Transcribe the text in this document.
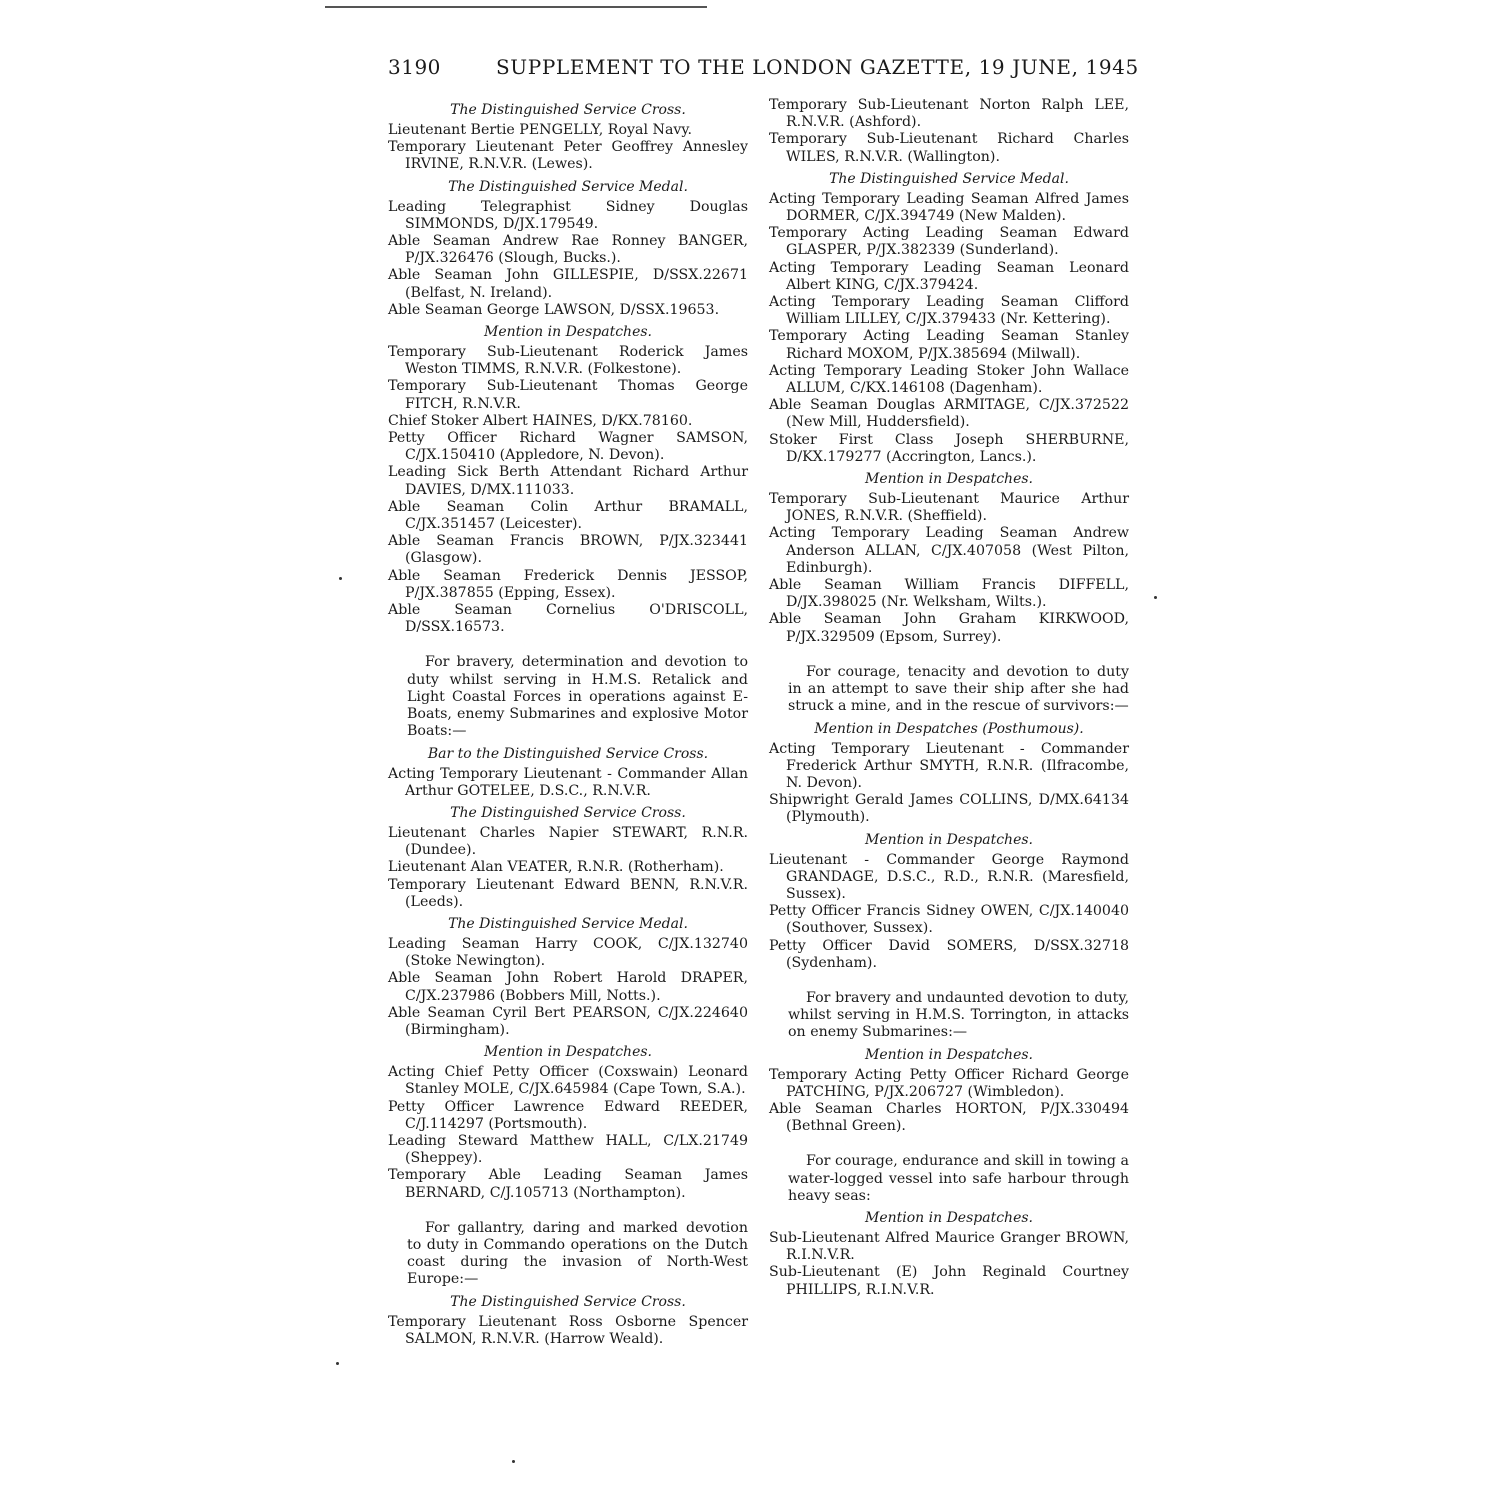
3190	SUPPLEMENT TO THE LONDON GAZETTE, 19 JUNE, 1945
The Distinguished Service Cross.

Lieutenant Bertie PENGELLY, Royal Navy.

Temporary Lieutenant Peter Geoffrey Annesley IRVINE, R.N.V.R. (Lewes).

The Distinguished Service Medal.

Leading Telegraphist Sidney Douglas SIMMONDS, D/JX.179549.

Able Seaman Andrew Rae Ronney BANGER, P/JX.326476 (Slough, Bucks.).

Able Seaman John GILLESPIE, D/SSX.22671 (Belfast, N. Ireland).

Able Seaman George LAWSON, D/SSX.19653.

Mention in Despatches.

Temporary Sub-Lieutenant Roderick James Weston TIMMS, R.N.V.R. (Folkestone).

Temporary Sub-Lieutenant Thomas George FITCH, R.N.V.R.

Chief Stoker Albert HAINES, D/KX.78160.

Petty Officer Richard Wagner SAMSON, C/JX.150410 (Appledore, N. Devon).

Leading Sick Berth Attendant Richard Arthur DAVIES, D/MX.111033.

Able Seaman Colin Arthur BRAMALL, C/JX.351457 (Leicester).

Able Seaman Francis BROWN, P/JX.323441 (Glasgow).

Able Seaman Frederick Dennis JESSOP, P/JX.387855 (Epping, Essex).

Able Seaman Cornelius O'DRISCOLL, D/SSX.16573.

For bravery, determination and devotion to duty whilst serving in H.M.S. Retalick and Light Coastal Forces in operations against E-Boats, enemy Submarines and explosive Motor Boats:—

Bar to the Distinguished Service Cross.

Acting Temporary Lieutenant - Commander Allan Arthur GOTELEE, D.S.C., R.N.V.R.

The Distinguished Service Cross.

Lieutenant Charles Napier STEWART, R.N.R. (Dundee).

Lieutenant Alan VEATER, R.N.R. (Rotherham).

Temporary Lieutenant Edward BENN, R.N.V.R. (Leeds).

The Distinguished Service Medal.

Leading Seaman Harry COOK, C/JX.132740 (Stoke Newington).

Able Seaman John Robert Harold DRAPER, C/JX.237986 (Bobbers Mill, Notts.).

Able Seaman Cyril Bert PEARSON, C/JX.224640 (Birmingham).

Mention in Despatches.

Acting Chief Petty Officer (Coxswain) Leonard Stanley MOLE, C/JX.645984 (Cape Town, S.A.).

Petty Officer Lawrence Edward REEDER, C/J.114297 (Portsmouth).

Leading Steward Matthew HALL, C/LX.21749 (Sheppey).

Temporary Able Leading Seaman James BERNARD, C/J.105713 (Northampton).

For gallantry, daring and marked devotion to duty in Commando operations on the Dutch coast during the invasion of North-West Europe:—

The Distinguished Service Cross.

Temporary Lieutenant Ross Osborne Spencer SALMON, R.N.V.R. (Harrow Weald).

Temporary Sub-Lieutenant Norton Ralph LEE, R.N.V.R. (Ashford).

Temporary Sub-Lieutenant Richard Charles WILES, R.N.V.R. (Wallington).

The Distinguished Service Medal.

Acting Temporary Leading Seaman Alfred James DORMER, C/JX.394749 (New Malden).

Temporary Acting Leading Seaman Edward GLASPER, P/JX.382339 (Sunderland).

Acting Temporary Leading Seaman Leonard Albert KING, C/JX.379424.

Acting Temporary Leading Seaman Clifford William LILLEY, C/JX.379433 (Nr. Kettering).

Temporary Acting Leading Seaman Stanley Richard MOXOM, P/JX.385694 (Milwall).

Acting Temporary Leading Stoker John Wallace ALLUM, C/KX.146108 (Dagenham).

Able Seaman Douglas ARMITAGE, C/JX.372522 (New Mill, Huddersfield).

Stoker First Class Joseph SHERBURNE, D/KX.179277 (Accrington, Lancs.).

Mention in Despatches.

Temporary Sub-Lieutenant Maurice Arthur JONES, R.N.V.R. (Sheffield).

Acting Temporary Leading Seaman Andrew Anderson ALLAN, C/JX.407058 (West Pilton, Edinburgh).

Able Seaman William Francis DIFFELL, D/JX.398025 (Nr. Welksham, Wilts.).

Able Seaman John Graham KIRKWOOD, P/JX.329509 (Epsom, Surrey).

For courage, tenacity and devotion to duty in an attempt to save their ship after she had struck a mine, and in the rescue of survivors:—

Mention in Despatches (Posthumous).

Acting Temporary Lieutenant - Commander Frederick Arthur SMYTH, R.N.R. (Ilfracombe, N. Devon).

Shipwright Gerald James COLLINS, D/MX.64134 (Plymouth).

Mention in Despatches.

Lieutenant - Commander George Raymond GRANDAGE, D.S.C., R.D., R.N.R. (Maresfield, Sussex).

Petty Officer Francis Sidney OWEN, C/JX.140040 (Southover, Sussex).

Petty Officer David SOMERS, D/SSX.32718 (Sydenham).

For bravery and undaunted devotion to duty, whilst serving in H.M.S. Torrington, in attacks on enemy Submarines:—

Mention in Despatches.

Temporary Acting Petty Officer Richard George PATCHING, P/JX.206727 (Wimbledon).

Able Seaman Charles HORTON, P/JX.330494 (Bethnal Green).

For courage, endurance and skill in towing a water-logged vessel into safe harbour through heavy seas:

Mention in Despatches.

Sub-Lieutenant Alfred Maurice Granger BROWN, R.I.N.V.R.

Sub-Lieutenant (E) John Reginald Courtney PHILLIPS, R.I.N.V.R.
